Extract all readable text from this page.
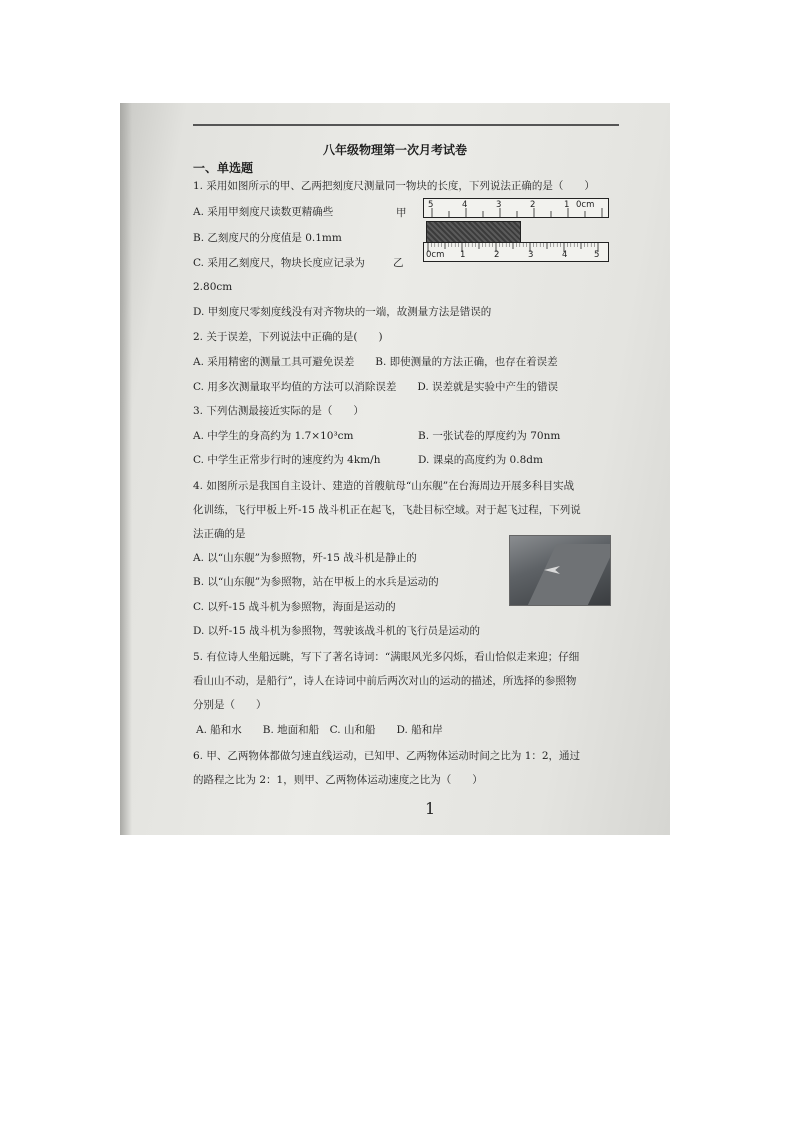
八年级物理第一次月考试卷
一、单选题
1. 采用如图所示的甲、乙两把刻度尺测量同一物块的长度，下列说法正确的是（　　）
A. 采用甲刻度尺读数更精确些
B. 乙刻度尺的分度值是 0.1mm
C. 采用乙刻度尺，物块长度应记录为
2.80cm
D. 甲刻度尺零刻度线没有对齐物块的一端，故测量方法是错误的
甲
5	4	3	2	1 0cm
乙
0cm 1	2	3	4	5
2. 关于误差，下列说法中正确的是(　　)
A. 采用精密的测量工具可避免误差　　B. 即使测量的方法正确，也存在着误差
C. 用多次测量取平均值的方法可以消除误差　　D. 误差就是实验中产生的错误
3. 下列估测最接近实际的是（　　）
A. 中学生的身高约为 1.7×10³cm	B. 一张试卷的厚度约为 70nm
C. 中学生正常步行时的速度约为 4km/h	D. 课桌的高度约为 0.8dm
4. 如图所示是我国自主设计、建造的首艘航母“山东舰”在台海周边开展多科目实战
化训练，飞行甲板上歼-15 战斗机正在起飞，飞赴目标空域。对于起飞过程，下列说
法正确的是
A. 以“山东舰”为参照物，歼-15 战斗机是静止的
B. 以“山东舰”为参照物，站在甲板上的水兵是运动的
C. 以歼-15 战斗机为参照物，海面是运动的
D. 以歼-15 战斗机为参照物，驾驶该战斗机的飞行员是运动的
5. 有位诗人坐船远眺，写下了著名诗词：“满眼风光多闪烁，看山恰似走来迎；仔细
看山山不动，是船行”，诗人在诗词中前后两次对山的运动的描述，所选择的参照物
分别是（　　）
A. 船和水　　B. 地面和船　C. 山和船　　D. 船和岸
6. 甲、乙两物体都做匀速直线运动，已知甲、乙两物体运动时间之比为 1：2，通过
的路程之比为 2：1，则甲、乙两物体运动速度之比为（　　）
1
